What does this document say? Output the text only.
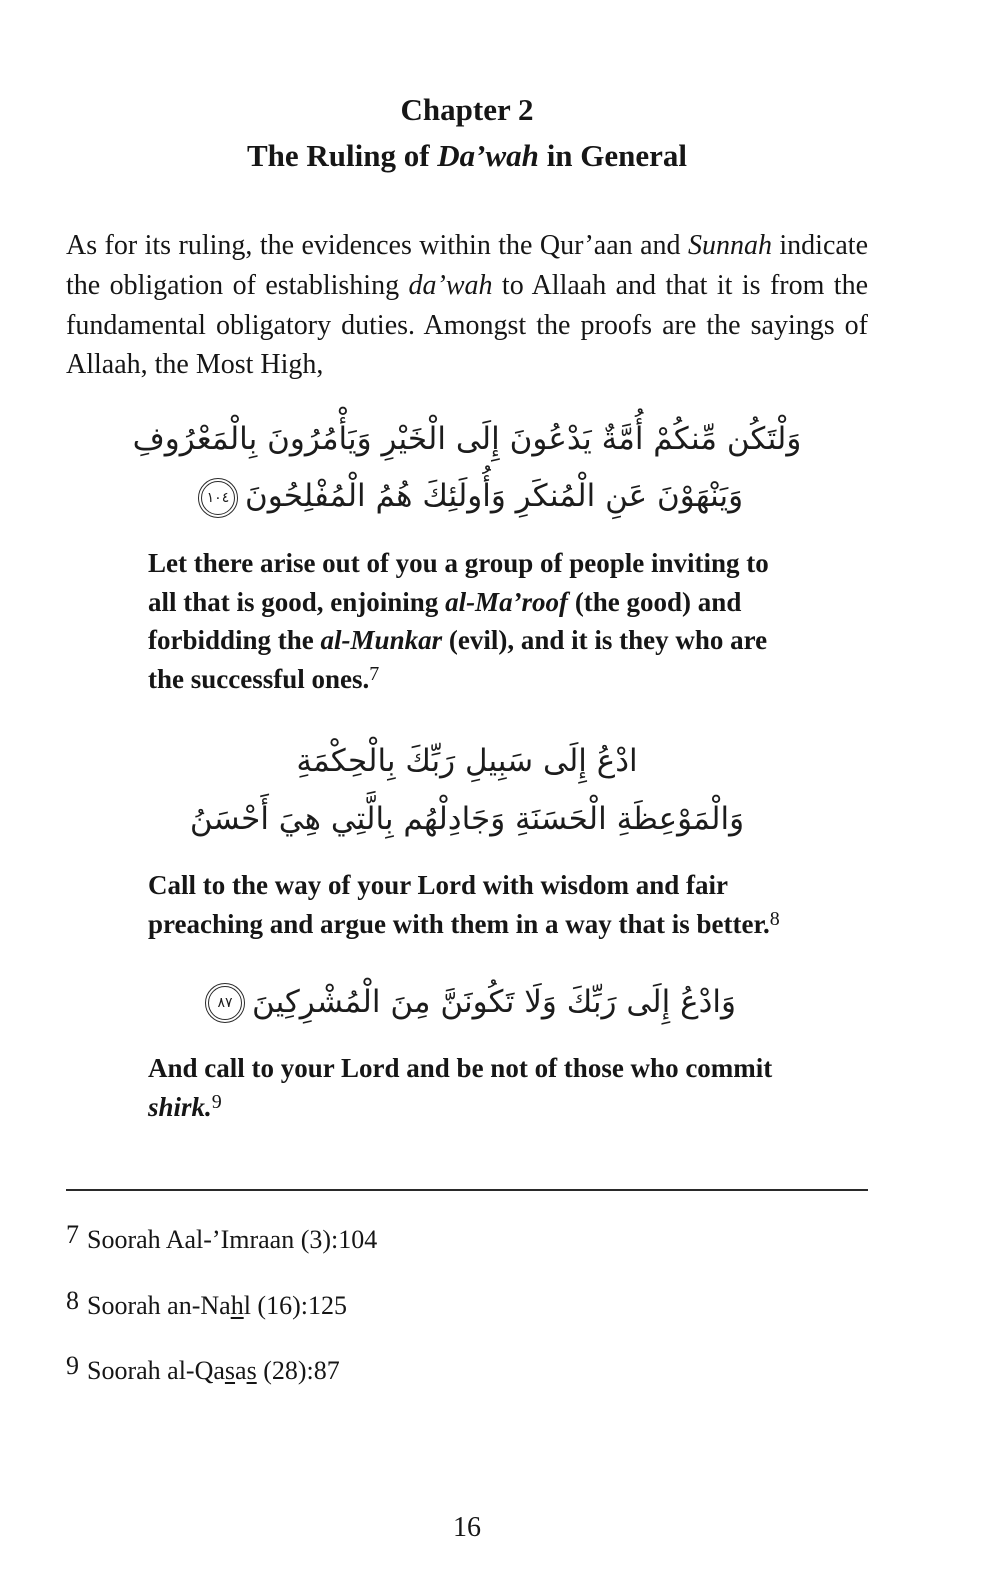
Chapter 2
The Ruling of Da’wah in General

As for its ruling, the evidences within the Qur’aan and Sunnah indicate the obligation of establishing da’wah to Allaah and that it is from the fundamental obligatory duties. Amongst the proofs are the sayings of Allaah, the Most High,

وَلْتَكُن مِّنكُمْ أُمَّةٌ يَدْعُونَ إِلَى الْخَيْرِ وَيَأْمُرُونَ بِالْمَعْرُوفِ
وَيَنْهَوْنَ عَنِ الْمُنكَرِ وَأُولَئِكَ هُمُ الْمُفْلِحُونَ١٠٤

Let there arise out of you a group of people inviting to all that is good, enjoining al-Ma’roof (the good) and forbidding the al-Munkar (evil), and it is they who are the successful ones.$^7$

ادْعُ إِلَى سَبِيلِ رَبِّكَ بِالْحِكْمَةِ
وَالْمَوْعِظَةِ الْحَسَنَةِ وَجَادِلْهُم بِالَّتِي هِيَ أَحْسَنُ

Call to the way of your Lord with wisdom and fair preaching and argue with them in a way that is better.$^8$

وَادْعُ إِلَى رَبِّكَ وَلَا تَكُونَنَّ مِنَ الْمُشْرِكِينَ٨٧

And call to your Lord and be not of those who commit shirk.$^9$

7 Soorah Aal-’Imraan (3):104
8 Soorah an-Nahl (16):125
9 Soorah al-Qasas (28):87
16
